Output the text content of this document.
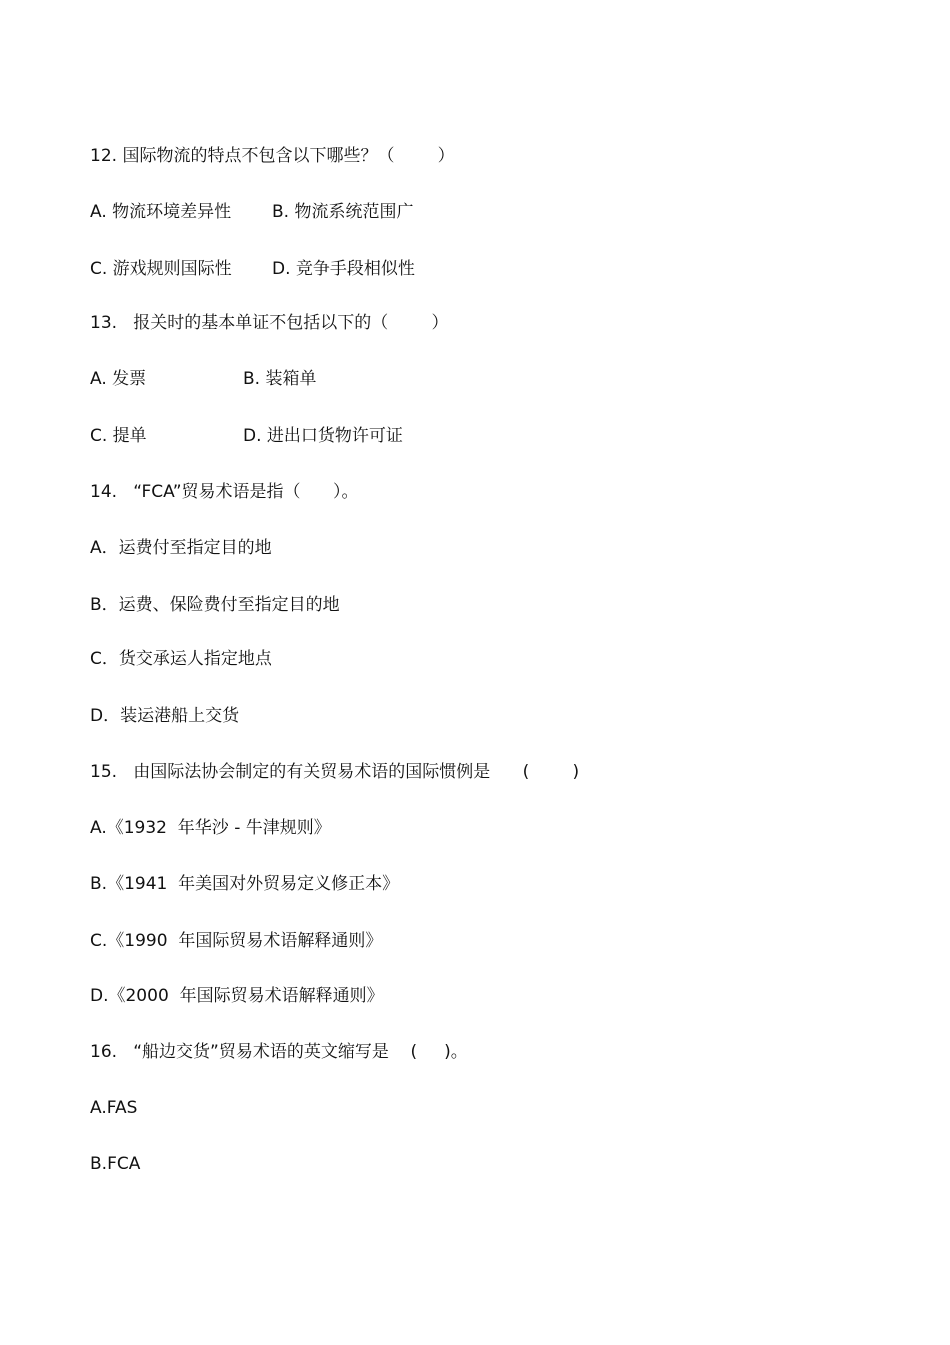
12. 国际物流的特点不包含以下哪些？（        ）
A. 物流环境差异性 B. 物流系统范围广
C. 游戏规则国际性 D. 竞争手段相似性
13.   报关时的基本单证不包括以下的（        ）
A. 发票	B. 装箱单
C. 提单	D. 进出口货物许可证
14.   “FCA”贸易术语是指（      ）。
A．运费付至指定目的地
B．运费、保险费付至指定目的地
C．货交承运人指定地点
D．装运港船上交货
15.   由国际法协会制定的有关贸易术语的国际惯例是      (        )
A.《1932  年华沙 - 牛津规则》
B.《1941  年美国对外贸易定义修正本》
C.《1990  年国际贸易术语解释通则》
D.《2000  年国际贸易术语解释通则》
16.   “船边交货”贸易术语的英文缩写是    (     )。
A.FAS
B.FCA
